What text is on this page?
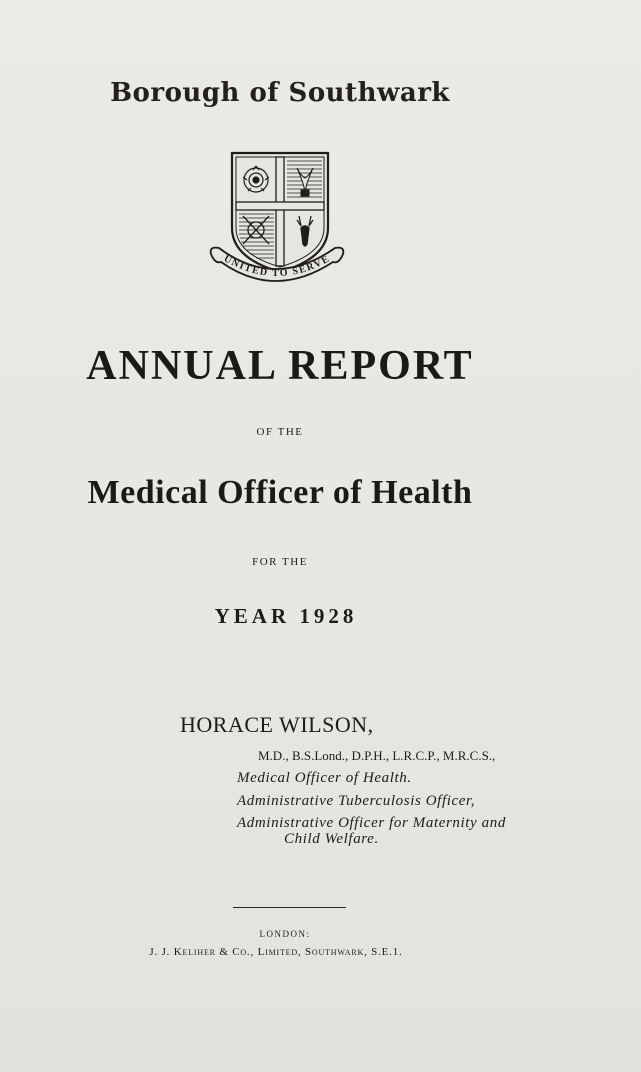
Borough of Southwark
UNITED TO SERVE
ANNUAL REPORT
OF THE
Medical Officer of Health
FOR THE
YEAR 1928
HORACE WILSON,
M.D., B.S.Lond., D.P.H., L.R.C.P., M.R.C.S.,
Medical Officer of Health.
Administrative Tuberculosis Officer,
Administrative Officer for Maternity and
Child Welfare.
LONDON:
J. J. Keliher & Co., Limited, Southwark, S.E.1.
